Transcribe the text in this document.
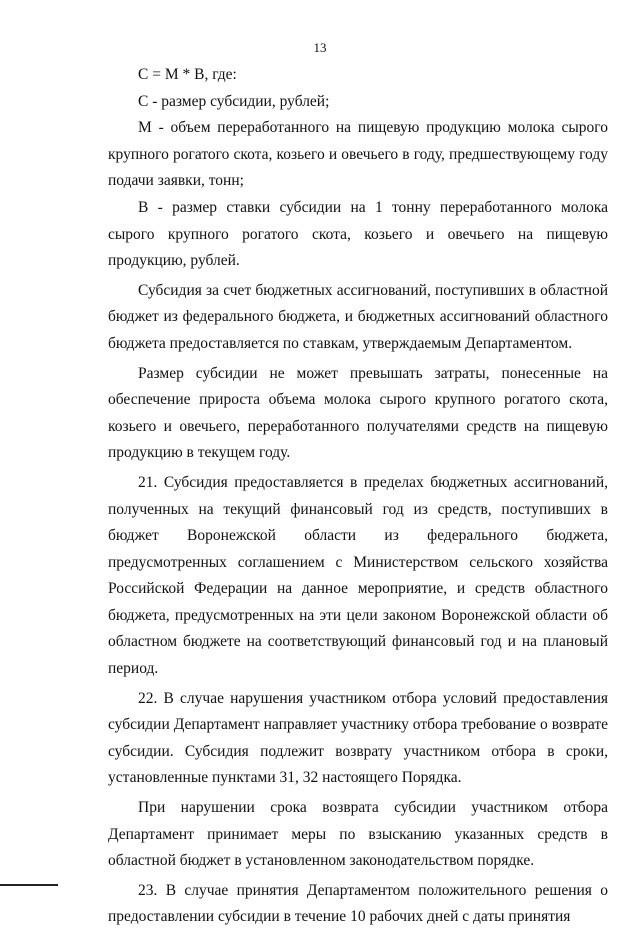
13

С = М * В, где:

С - размер субсидии, рублей;

М - объем переработанного на пищевую продукцию молока сырого крупного рогатого скота, козьего и овечьего в году, предшествующему году подачи заявки, тонн;

В - размер ставки субсидии на 1 тонну переработанного молока сырого крупного рогатого скота, козьего и овечьего на пищевую продукцию, рублей.

Субсидия за счет бюджетных ассигнований, поступивших в областной бюджет из федерального бюджета, и бюджетных ассигнований областного бюджета предоставляется по ставкам, утверждаемым Департаментом.

Размер субсидии не может превышать затраты, понесенные на обеспечение прироста объема молока сырого крупного рогатого скота, козьего и овечьего, переработанного получателями средств на пищевую продукцию в текущем году.

21. Субсидия предоставляется в пределах бюджетных ассигнований, полученных на текущий финансовый год из средств, поступивших в бюджет Воронежской области из федерального бюджета, предусмотренных соглашением с Министерством сельского хозяйства Российской Федерации на данное мероприятие, и средств областного бюджета, предусмотренных на эти цели законом Воронежской области об областном бюджете на соответствующий финансовый год и на плановый период.

22. В случае нарушения участником отбора условий предоставления субсидии Департамент направляет участнику отбора требование о возврате субсидии. Субсидия подлежит возврату участником отбора в сроки, установленные пунктами 31, 32 настоящего Порядка.

При нарушении срока возврата субсидии участником отбора Департамент принимает меры по взысканию указанных средств в областной бюджет в установленном законодательством порядке.

23. В случае принятия Департаментом положительного решения о предоставлении субсидии в течение 10 рабочих дней с даты принятия
